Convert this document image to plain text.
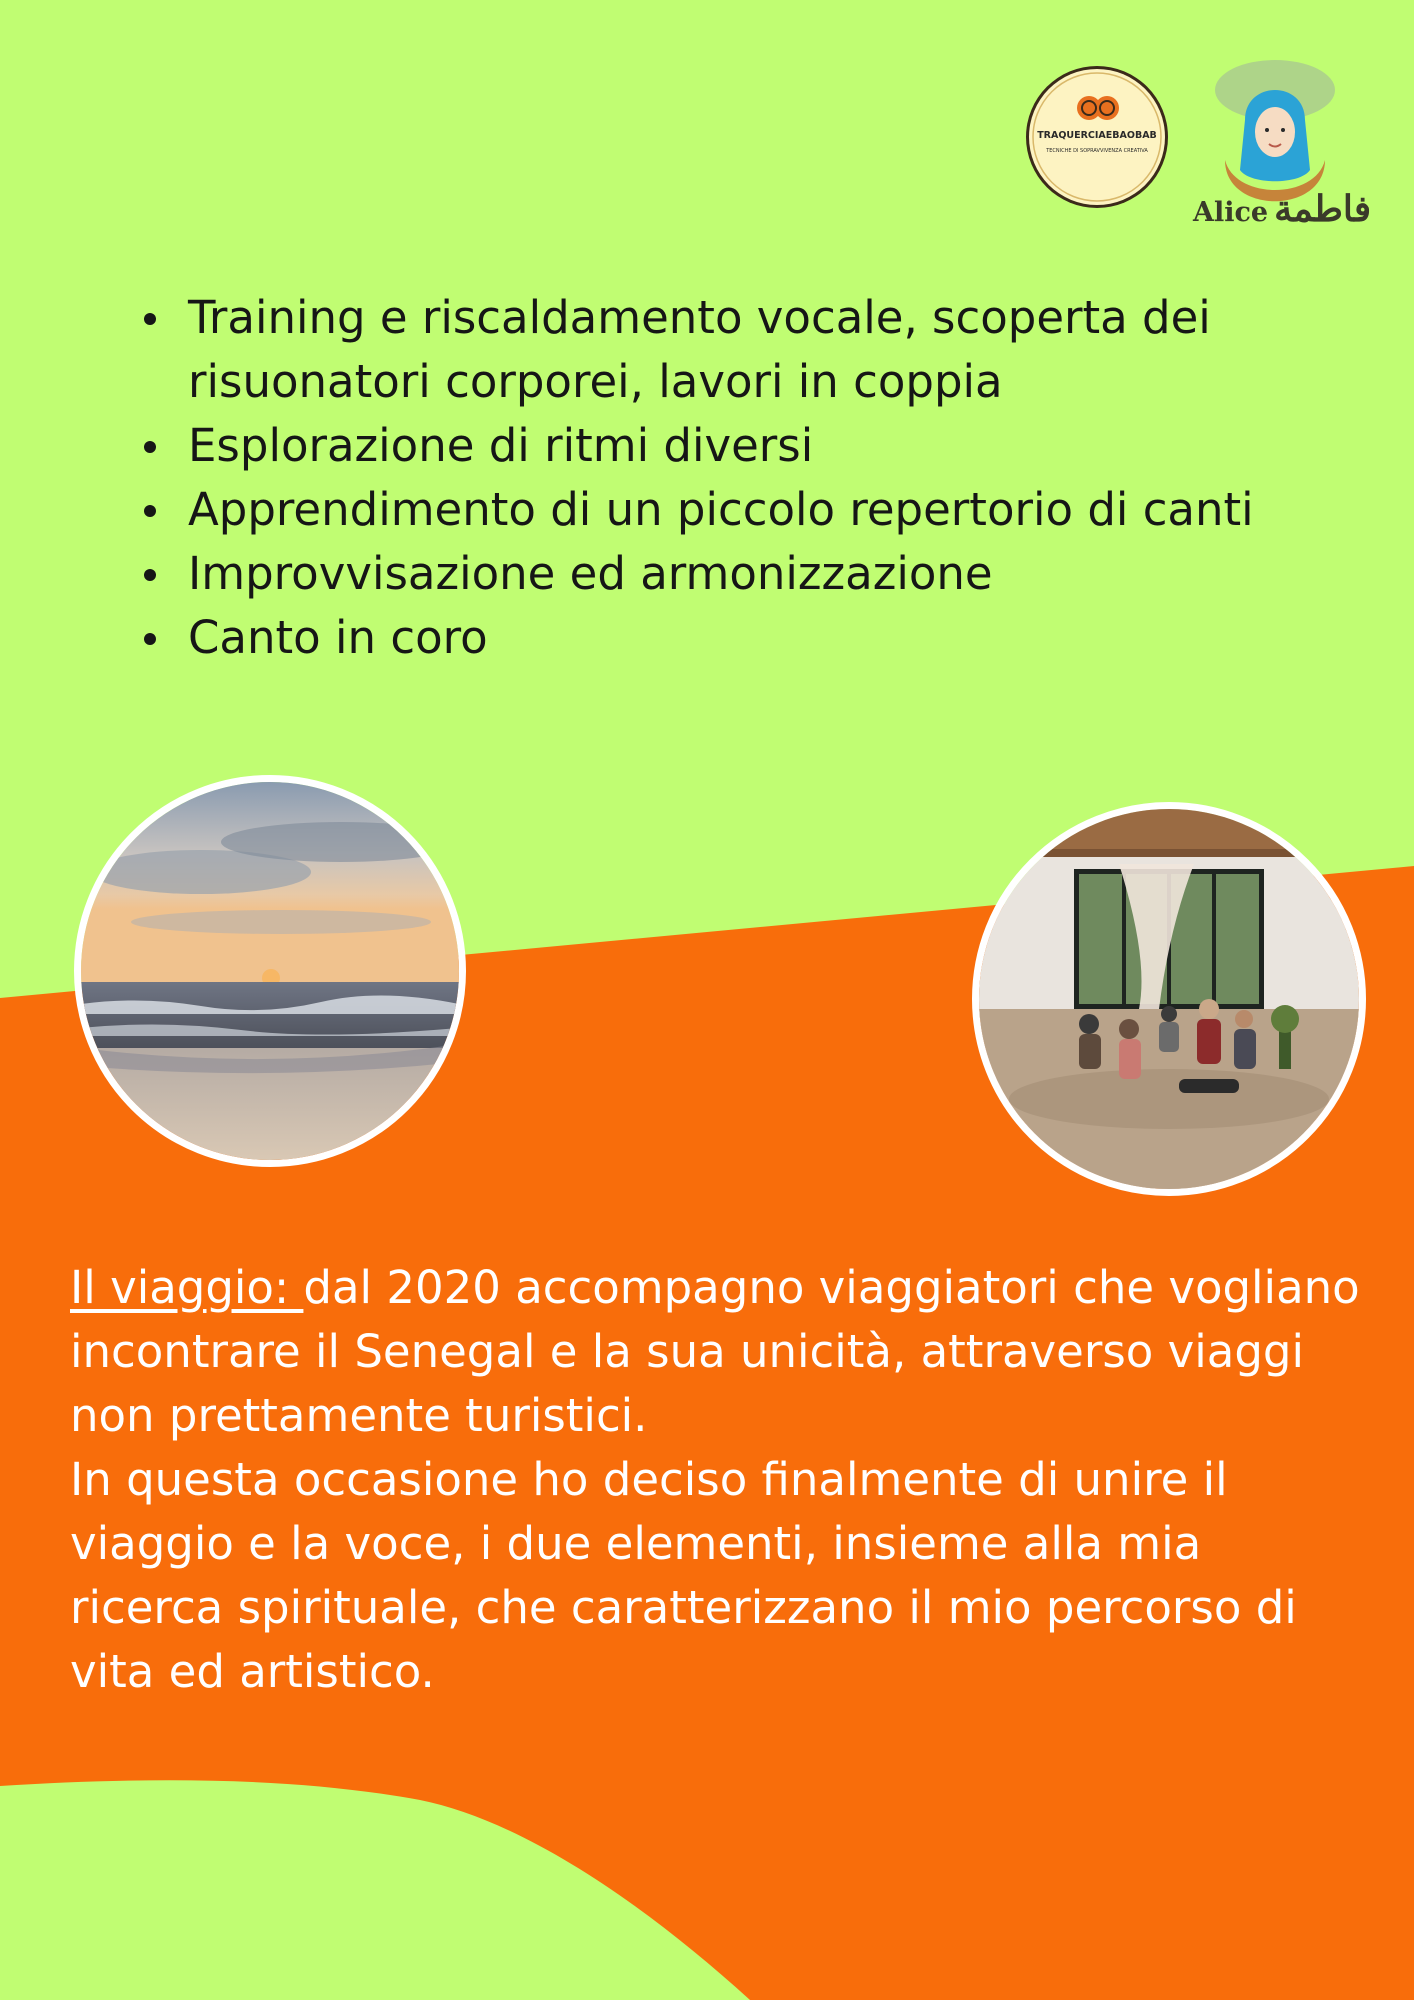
TRAQUERCIAEBAOBAB
TECNICHE DI SOPRAVVIVENZA CREATIVA
Alice فاطمة
Training e riscaldamento vocale, scoperta dei risuonatori corporei, lavori in coppia
Esplorazione di ritmi diversi
Apprendimento di un piccolo repertorio di canti
Improvvisazione ed armonizzazione
Canto in coro

Il viaggio: dal 2020 accompagno viaggiatori che vogliano incontrare il Senegal e la sua unicità, attraverso viaggi non prettamente turistici.

In questa occasione ho deciso finalmente di unire il viaggio e la voce, i due elementi, insieme alla mia ricerca spirituale, che caratterizzano il mio percorso di vita ed artistico.
